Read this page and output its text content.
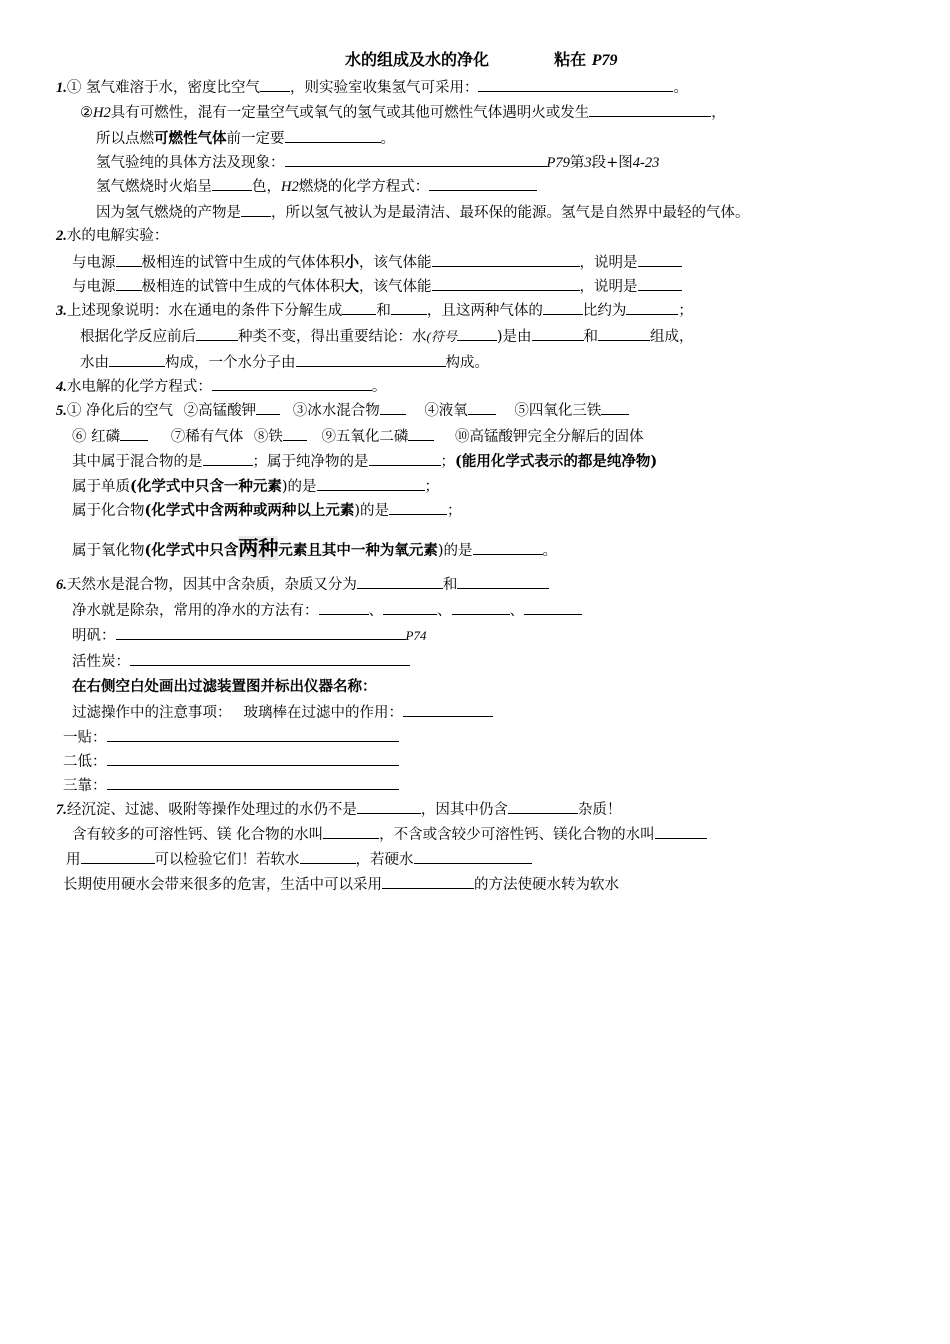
水的组成及水的净化	粘在 P79
1.① 氢气难溶于水，密度比空气 ，则实验室收集氢气可采用：	。
②H2具有可燃性，混有一定量空气或氧气的氢气或其他可燃性气体遇明火或发生	，
所以点燃可燃性气体前一定要	。
氢气验纯的具体方法及现象：	P79第3段+图4-23
氢气燃烧时火焰呈	色，H2燃烧的化学方程式：
因为氢气燃烧的产物是 ，所以氢气被认为是最清洁、最环保的能源。氢气是自然界中最轻的气体。
2.水的电解实验：
与电源 极相连的试管中生成的气体体积小，该气体能	，说明是
与电源 极相连的试管中生成的气体体积大，该气体能	，说明是
3.上述现象说明：水在通电的条件下分解生成 和 ，且这两种气体的	比约为	；
根据化学反应前后	种类不变，得出重要结论：水(符号	)是由	和	组成，
水由	构成，一个水分子由	构成。
4.水电解的化学方程式：	。
5.① 净化后的空气 ②高锰酸钾	③冰水混合物	④液氧	⑤四氧化三铁
⑥ 红磷	⑦稀有气体 ⑧铁	⑨五氧化二磷	⑩高锰酸钾完全分解后的固体
其中属于混合物的是	；属于纯净物的是	；(能用化学式表示的都是纯净物)
属于单质(化学式中只含一种元素)的是	；
属于化合物(化学式中含两种或两种以上元素)的是	；
属于氧化物(化学式中只含两种元素且其中一种为氧元素)的是	。
6.天然水是混合物，因其中含杂质，杂质又分为	和
净水就是除杂，常用的净水的方法有：	、	、	、
明矾：	P74
活性炭：
在右侧空白处画出过滤装置图并标出仪器名称：
过滤操作中的注意事项： 玻璃棒在过滤中的作用：
一贴：
二低：
三靠：
7.经沉淀、过滤、吸附等操作处理过的水仍不是	，因其中仍含	杂质！
含有较多的可溶性钙、镁 化合物的水叫	，不含或含较少可溶性钙、镁化合物的水叫
用	可以检验它们！若软水	，若硬水
长期使用硬水会带来很多的危害，生活中可以采用	的方法使硬水转为软水
